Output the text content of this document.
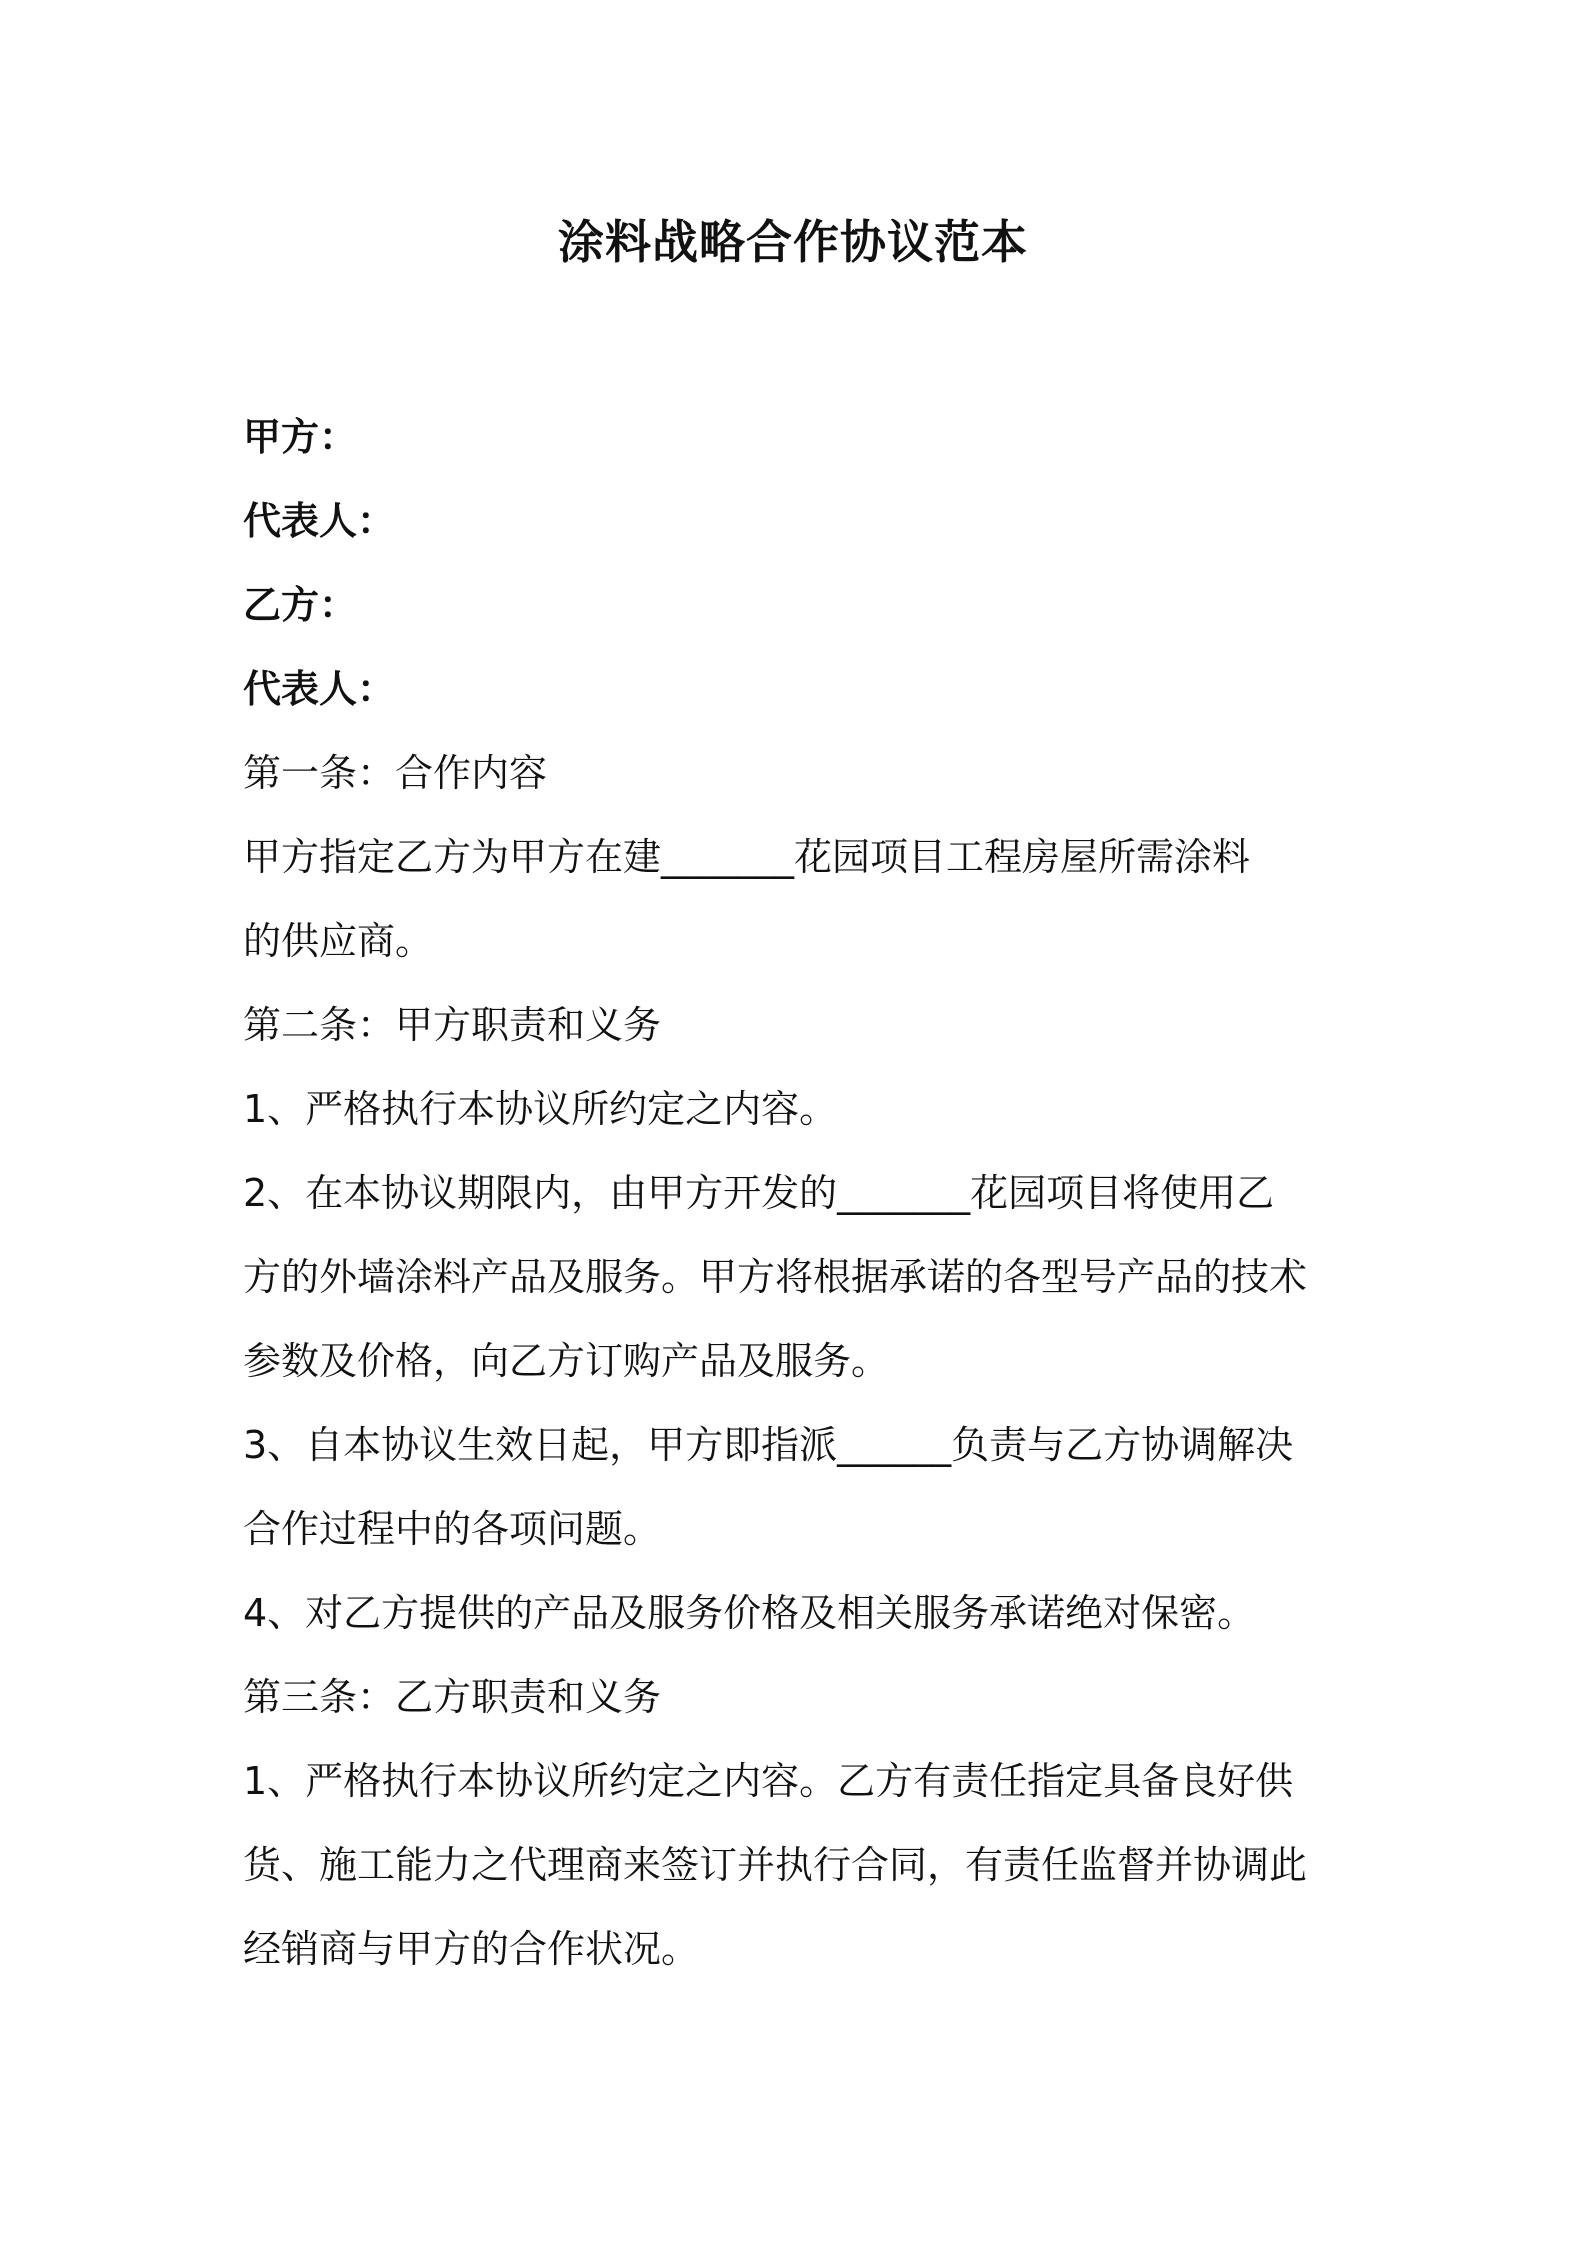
涂料战略合作协议范本

甲方：

代表人：

乙方：

代表人：

第一条：合作内容

甲方指定乙方为甲方在建_______花园项目工程房屋所需涂料

的供应商。

第二条：甲方职责和义务

1、严格执行本协议所约定之内容。

2、在本协议期限内，由甲方开发的_______花园项目将使用乙

方的外墙涂料产品及服务。甲方将根据承诺的各型号产品的技术

参数及价格，向乙方订购产品及服务。

3、自本协议生效日起，甲方即指派______负责与乙方协调解决

合作过程中的各项问题。

4、对乙方提供的产品及服务价格及相关服务承诺绝对保密。

第三条：乙方职责和义务

1、严格执行本协议所约定之内容。乙方有责任指定具备良好供

货、施工能力之代理商来签订并执行合同，有责任监督并协调此

经销商与甲方的合作状况。
